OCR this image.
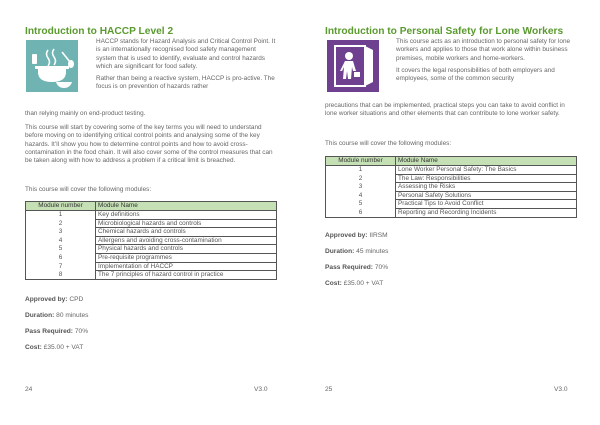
Introduction to HACCP Level 2

HACCP stands for Hazard Analysis and Critical Control Point. It is an internationally recognised food safety management system that is used to identify, evaluate and control hazards which are significant for food safety.

Rather than being a reactive system, HACCP is pro-active. The focus is on prevention of hazards rather

than relying mainly on end-product testing.
This course will start by covering some of the key terms you will need to understand before moving on to identifying critical control points and analysing some of the key hazards. It’ll show you how to determine control points and how to avoid cross-contamination in the food chain. It will also cover some of the control measures that can be taken along with how to address a problem if a critical limit is breached.
This course will cover the following modules:
Module number	Module Name
1	Key definitions
2	Microbiological hazards and controls
3	Chemical hazards and controls
4	Allergens and avoiding cross-contamination
5	Physical hazards and controls
6	Pre-requisite programmes
7	Implementation of HACCP
8	The 7 principles of hazard control in practice
Approved by: CPD
Duration: 80 minutes
Pass Required: 70%
Cost: £35.00 + VAT
24	V3.0
Introduction to Personal Safety for Lone Workers

This course acts as an introduction to personal safety for lone workers and applies to those that work alone within business premises, mobile workers and home-workers.

It covers the legal responsibilities of both employers and employees, some of the common security

precautions that can be implemented, practical steps you can take to avoid conflict in lone worker situations and other elements that can contribute to lone worker safety.
This course will cover the following modules:
Module number	Module Name
1	Lone Worker Personal Safety: The Basics
2	The Law: Responsibilities
3	Assessing the Risks
4	Personal Safety Solutions
5	Practical Tips to Avoid Conflict
6	Reporting and Recording Incidents
Approved by: IIRSM
Duration: 45 minutes
Pass Required: 70%
Cost: £35.00 + VAT
25	V3.0
